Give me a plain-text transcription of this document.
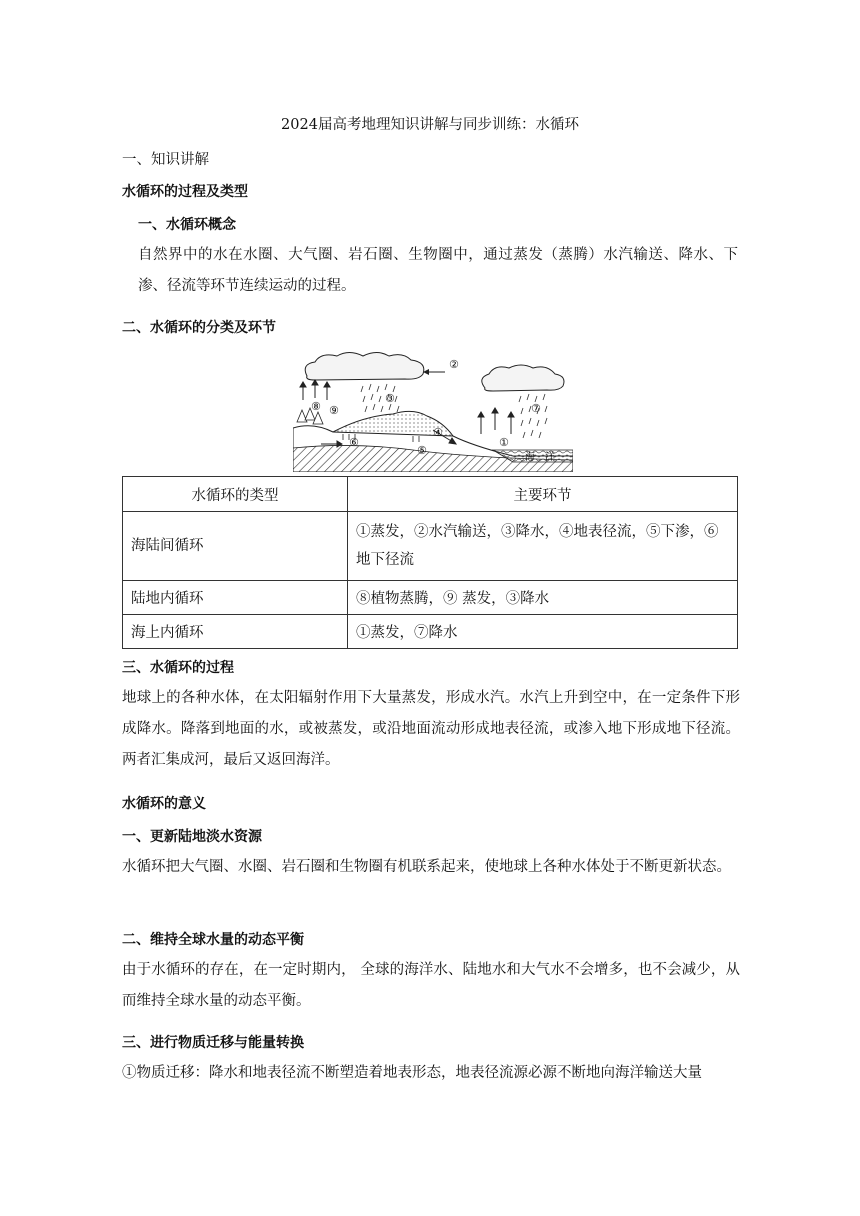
2024届高考地理知识讲解与同步训练：水循环
一、知识讲解
水循环的过程及类型
一、水循环概念
自然界中的水在水圈、大气圈、岩石圈、生物圈中，通过蒸发（蒸腾）水汽输送、降水、下渗、径流等环节连续运动的过程。
二、水循环的分类及环节
②
③
⑧ ⑨
⑥
⑤
④
①
⑦
海　洋
水循环的类型	主要环节
海陆间循环	①蒸发，②水汽输送，③降水，④地表径流，⑤下渗，⑥地下径流
陆地内循环	⑧植物蒸腾，⑨ 蒸发，③降水
海上内循环	①蒸发，⑦降水
三、水循环的过程
地球上的各种水体，在太阳辐射作用下大量蒸发，形成水汽。水汽上升到空中，在一定条件下形成降水。降落到地面的水，或被蒸发，或沿地面流动形成地表径流，或渗入地下形成地下径流。两者汇集成河，最后又返回海洋。
水循环的意义
一、更新陆地淡水资源
水循环把大气圈、水圈、岩石圈和生物圈有机联系起来，使地球上各种水体处于不断更新状态。
二、维持全球水量的动态平衡
由于水循环的存在，在一定时期内， 全球的海洋水、陆地水和大气水不会增多，也不会减少，从而维持全球水量的动态平衡。
三、进行物质迁移与能量转换
①物质迁移：降水和地表径流不断塑造着地表形态，地表径流源必源不断地向海洋输送大量
